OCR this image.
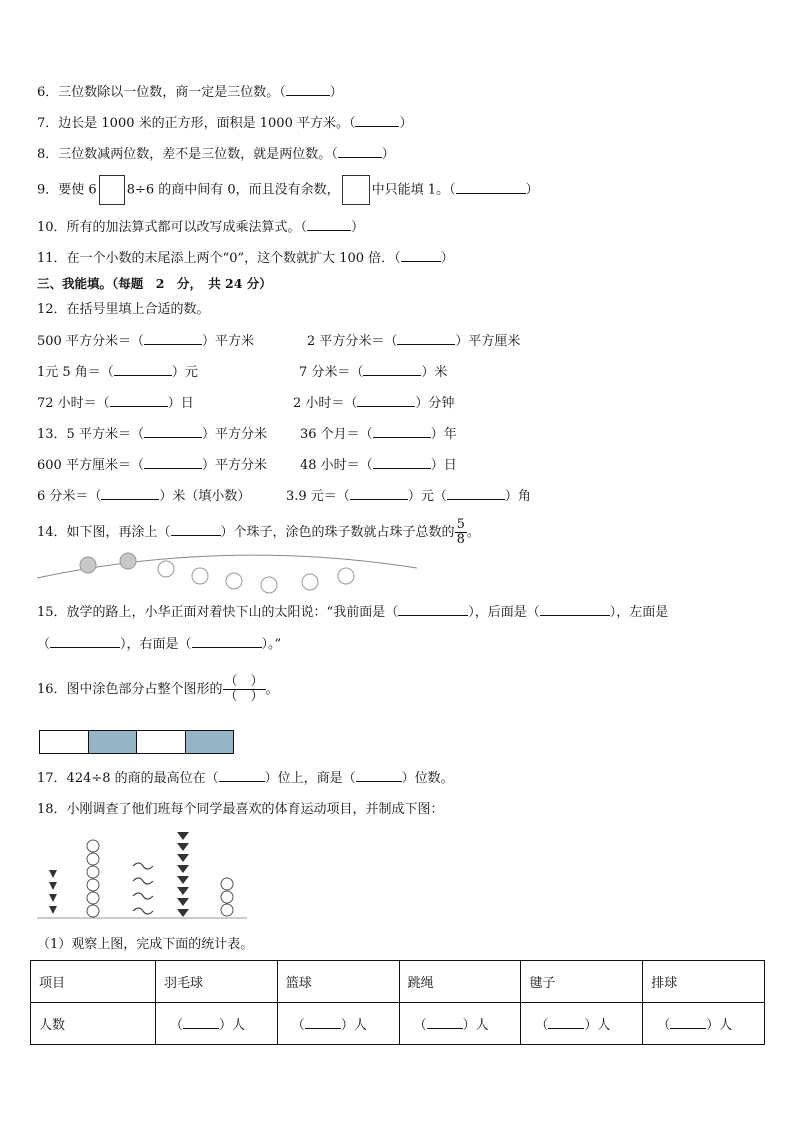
6．三位数除以一位数，商一定是三位数。（	）
7．边长是 1000 米的正方形，面积是 1000 平方米。（	）
8．三位数减两位数，差不是三位数，就是两位数。（	）
9．要使 6 8÷6 的商中间有 0，而且没有余数， 中只能填 1。（	）
10．所有的加法算式都可以改写成乘法算式。（	）
11．在一个小数的末尾添上两个“0”，这个数就扩大 100 倍．（	）
三、我能填。（每题　2　分，　共 24 分）
12．在括号里填上合适的数。
500 平方分米＝（	）平方米	2 平方分米＝（	）平方厘米
1元 5 角＝（	）元	7 分米＝（	）米
72 小时＝（	）日	2 小时＝（	）分钟
13．5 平方米＝（	）平方分米	36 个月＝（	）年
600 平方厘米＝（	）平方分米	48 小时＝（	）日
6 分米＝（	）米（填小数）	3.9 元＝（	）元（	）角
14．如下图，再涂上（	）个珠子，涂色的珠子数就占珠子总数的 $\frac{5}{8}$ 。
15．放学的路上，小华正面对着快下山的太阳说：“我前面是（	），后面是（	），左面是
（	），右面是（	）。”
16．图中涂色部分占整个图形的 $\frac{( )}{( )}$ 。
17．424÷8 的商的最高位在（	）位上，商是（	）位数。
18．小刚调查了他们班每个同学最喜欢的体育运动项目，并制成下图：
（1）观察上图，完成下面的统计表。
项目	羽毛球	篮球	跳绳	毽子	排球
人数	（ ）人	（ ）人	（ ）人	（ ）人	（ ）人
